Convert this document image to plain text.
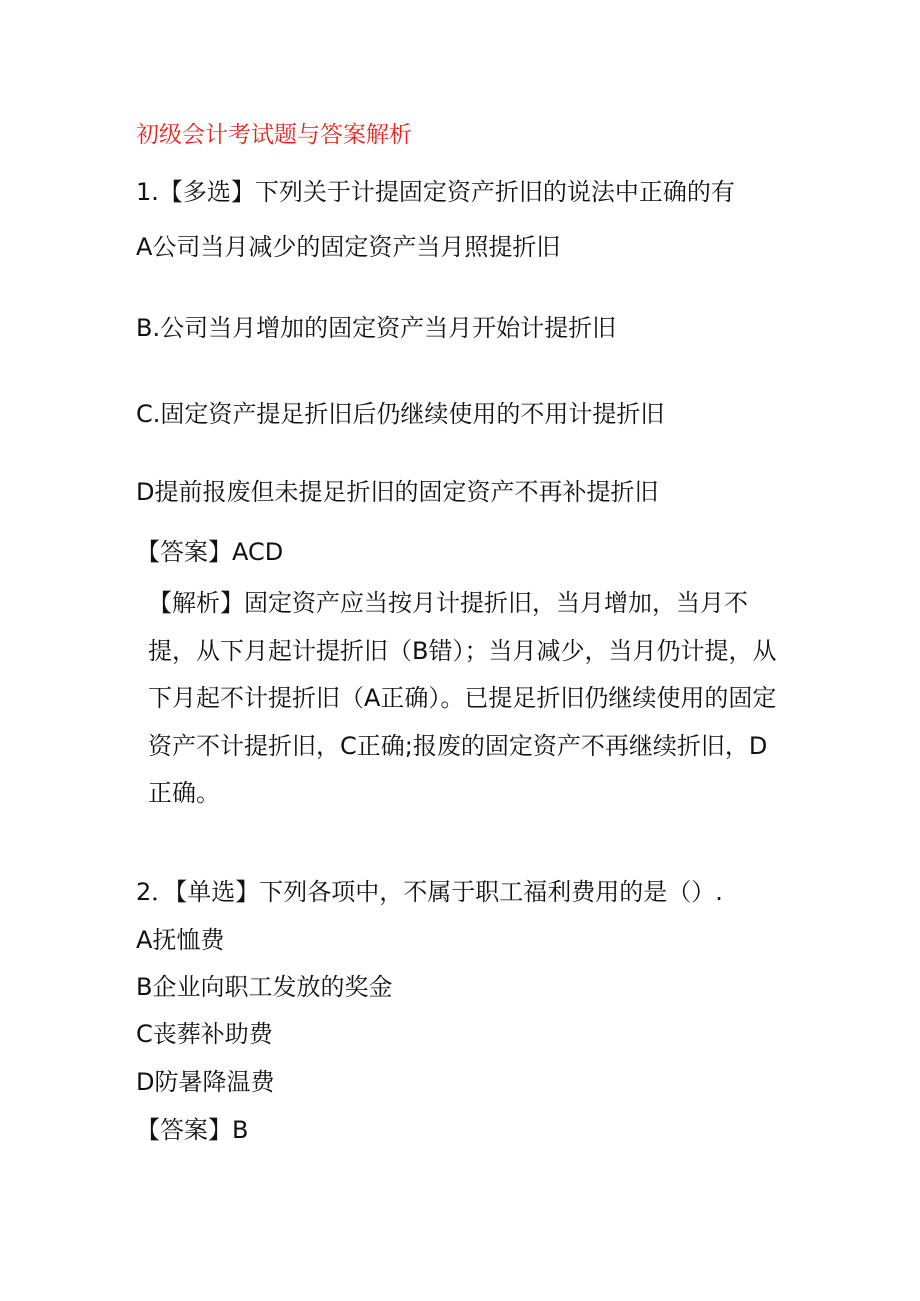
初级会计考试题与答案解析
1.【多选】下列关于计提固定资产折旧的说法中正确的有
A公司当月减少的固定资产当月照提折旧
B.公司当月增加的固定资产当月开始计提折旧
C.固定资产提足折旧后仍继续使用的不用计提折旧
D提前报废但未提足折旧的固定资产不再补提折旧
【答案】ACD
【解析】固定资产应当按月计提折旧，当月增加，当月不提，从下月起计提折旧（B错）；当月减少，当月仍计提，从下月起不计提折旧（A正确）。已提足折旧仍继续使用的固定资产不计提折旧，C正确;报废的固定资产不再继续折旧，D正确。
2．【单选】下列各项中，不属于职工福利费用的是（）.
A抚恤费
B企业向职工发放的奖金
C丧葬补助费
D防暑降温费
【答案】B
